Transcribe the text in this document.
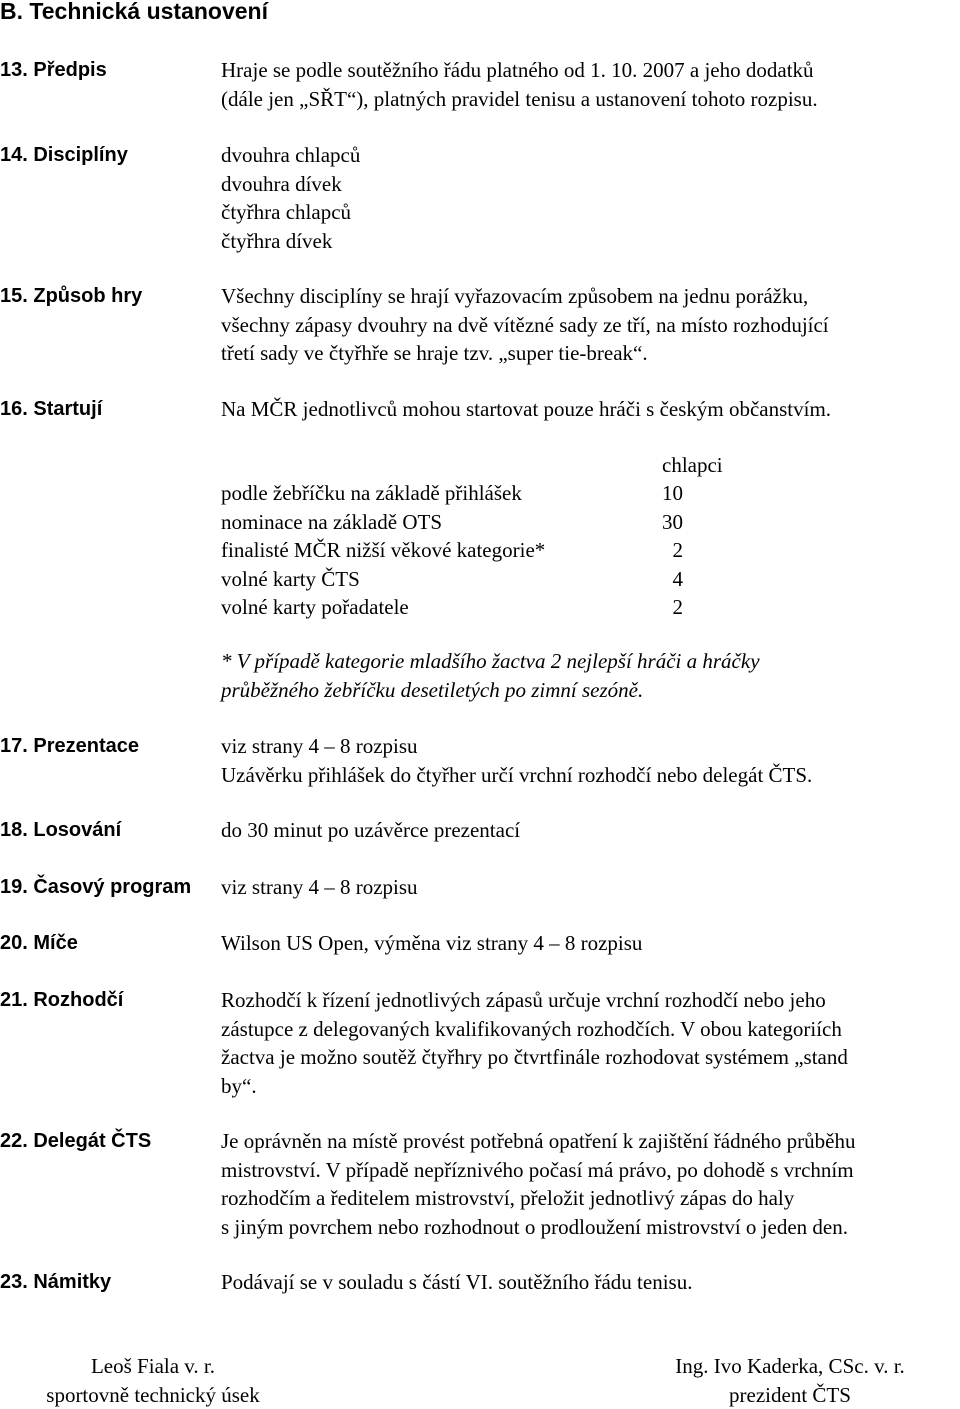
B. Technická ustanovení
13. Předpis	Hraje se podle soutěžního řádu platného od 1. 10. 2007 a jeho dodatků
(dále jen „SŘT“), platných pravidel tenisu a ustanovení tohoto rozpisu.
14. Disciplíny	dvouhra chlapců
dvouhra dívek
čtyřhra chlapců
čtyřhra dívek
15. Způsob hry	Všechny disciplíny se hrají vyřazovacím způsobem na jednu porážku,
všechny zápasy dvouhry na dvě vítězné sady ze tří, na místo rozhodující
třetí sady ve čtyřhře se hraje tzv. „super tie-break“.
16. Startují	Na MČR jednotlivců mohou startovat pouze hráči s českým občanstvím.
chlapci
podle žebříčku na základě přihlášek	10
nominace na základě OTS	30
finalisté MČR nižší věkové kategorie*	2
volné karty ČTS	4
volné karty pořadatele	2
* V případě kategorie mladšího žactva 2 nejlepší hráči a hráčky
průběžného žebříčku desetiletých po zimní sezóně.
17. Prezentace	viz strany 4 – 8 rozpisu
Uzávěrku přihlášek do čtyřher určí vrchní rozhodčí nebo delegát ČTS.
18. Losování	do 30 minut po uzávěrce prezentací
19. Časový program	viz strany 4 – 8 rozpisu
20. Míče	Wilson US Open, výměna viz strany 4 – 8 rozpisu
21. Rozhodčí	Rozhodčí k řízení jednotlivých zápasů určuje vrchní rozhodčí nebo jeho
zástupce z delegovaných kvalifikovaných rozhodčích. V obou kategoriích
žactva je možno soutěž čtyřhry po čtvrtfinále rozhodovat systémem „stand
by“.
22. Delegát ČTS	Je oprávněn na místě provést potřebná opatření k zajištění řádného průběhu
mistrovství. V případě nepříznivého počasí má právo, po dohodě s vrchním
rozhodčím a ředitelem mistrovství, přeložit jednotlivý zápas do haly
s jiným povrchem nebo rozhodnout o prodloužení mistrovství o jeden den.
23. Námitky	Podávají se v souladu s částí VI. soutěžního řádu tenisu.
Leoš Fiala v. r.
sportovně technický úsek
Ing. Ivo Kaderka, CSc. v. r.
prezident ČTS
